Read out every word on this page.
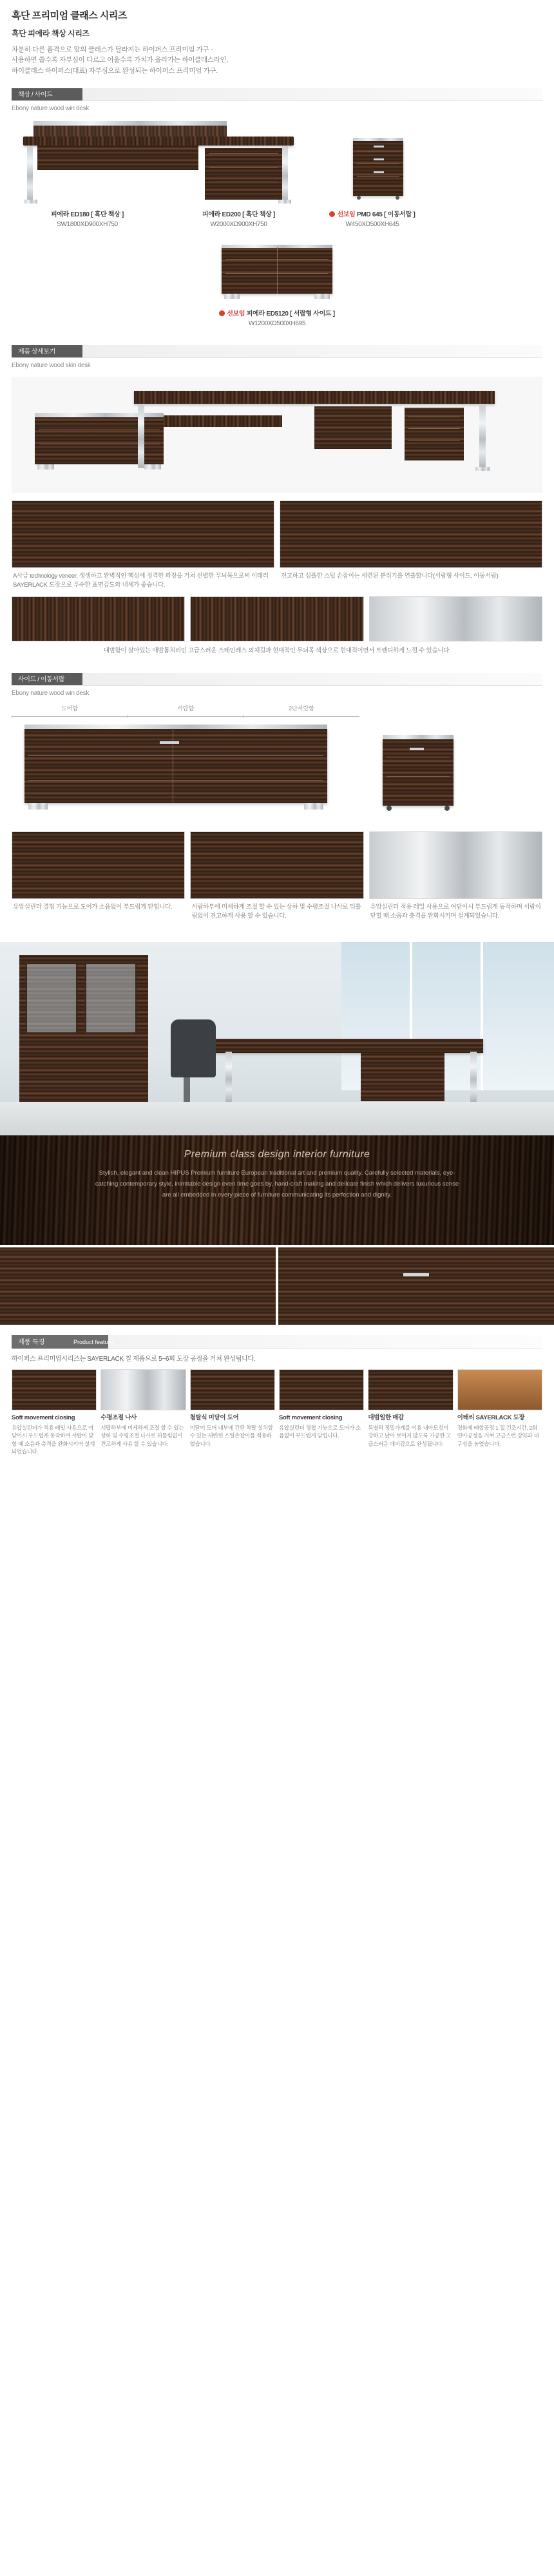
흑단 프리미엄 클래스 시리즈
흑단 피에라 책상 시리즈

차분히 다른 품격으로 앞의 클래스가 달라지는 하이퍼스 프리미엄 가구 -

사용하면 쓸수록 자부심이 다르고 어울수록 가치가 올라가는 하이클래스라인,

하이클래스 하이퍼스(대표) 자부심으로 완성되는 하이퍼스 프리미엄 가구.

책상 / 사이드
Ebony nature wood win desk
피에라 ED180 [ 흑단 책상 ]
SW1800XD900XH750
피에라 ED200 [ 흑단 책상 ]
W2000XD900XH750
선보임 PMD 645 [ 이동서랍 ]
W450XD500XH645
선보임 피에라 ED5120 [ 서랍형 사이드 ]
W1200XD500XH695
제품 상세보기
Ebony nature wood skin desk
A사급 technology veneer, 생생하고 완벽적인 핵심에 정격한 파장을 거쳐 선별한 무늬목으로써 이태리 SAYERLACK 도장으로 우수한 표면갑도와 내세가 좋습니다.
견고하고 심플한 스틸 손잡이는 세련된 분위기를 연출할니다(서랍형 사이드, 이동서랍)
대범함이 살아있는 애발톱처리인 고급스러운 스테인레스 외체길과 현대적인 무늬목 색상으로 현대적이면서 트렌디하게 느낄 수 있습니다.
사이드 / 이동서랍
Ebony nature wood win desk
도어함	서랍함	2단서랍함
유압실린더 경첩 기능으로 도어가 소음없이 부드럽게 닫힙니다.	서랍하부에 미세하게 조절 할 수 있는 상하 및 수평조절 나사로 뒤틀림없이 견고하게 사용 할 수 있습니다.
유압실린더 적용 레일 사용으로 여닫이시 부드럽게 동작하며 서랍이 닫힐 때 소음과 충격을 완화시키며 설계되었습니다.
Premium class design interior furniture
Stylish, elegant and clean HIPUS Premium furniture European traditional art and premium quality. Carefully selected materials, eye-catching contemporary style, inimitable design even time goes by, hand-craft making and delicate finish which delivers luxurious sense are all embedded in every piece of furniture communicating its perfection and dignity.
제품 특징	Product feature
하이퍼스 프리미엄시리즈는 SAYERLACK 칠 제품으로 5~6회 도장 공정을 거쳐 완성됩니다.
Soft movement closing
유압실린더가 적용 레일 사용으로 여닫이시 부드럽게 동작하며 서랍이 닫힐 때 소음과 충격을 완화시키며 설계되었습니다.
수평조절 나사
서랍하부에 미세하게 조절 할 수 있는 상하 및 수평조절 나사로 뒤틀림없이 견고하게 사용 할 수 있습니다.
첨탈식 미닫이 도어
미닫이 도어 내부에 간편 착탈 설치할 수 있는 세련된 스틸손잡이를 적용하였습니다.
Soft movement closing
유압실린더 경첩 기능으로 도어가 소음없이 부드럽게 닫힙니다.
대범일한 매감
특별히 정밀가계를 이용 내마모성이 강하고 낡아 보이지 않도록 가공한 고급스러운 애지감으로 완성됩니다.
이태리 SAYERLACK 도장
경화제 배합공정 1 집 건조시간, 2회 연마공정을 거쳐 고급스런 강약과 내구성을 높였습니다.
